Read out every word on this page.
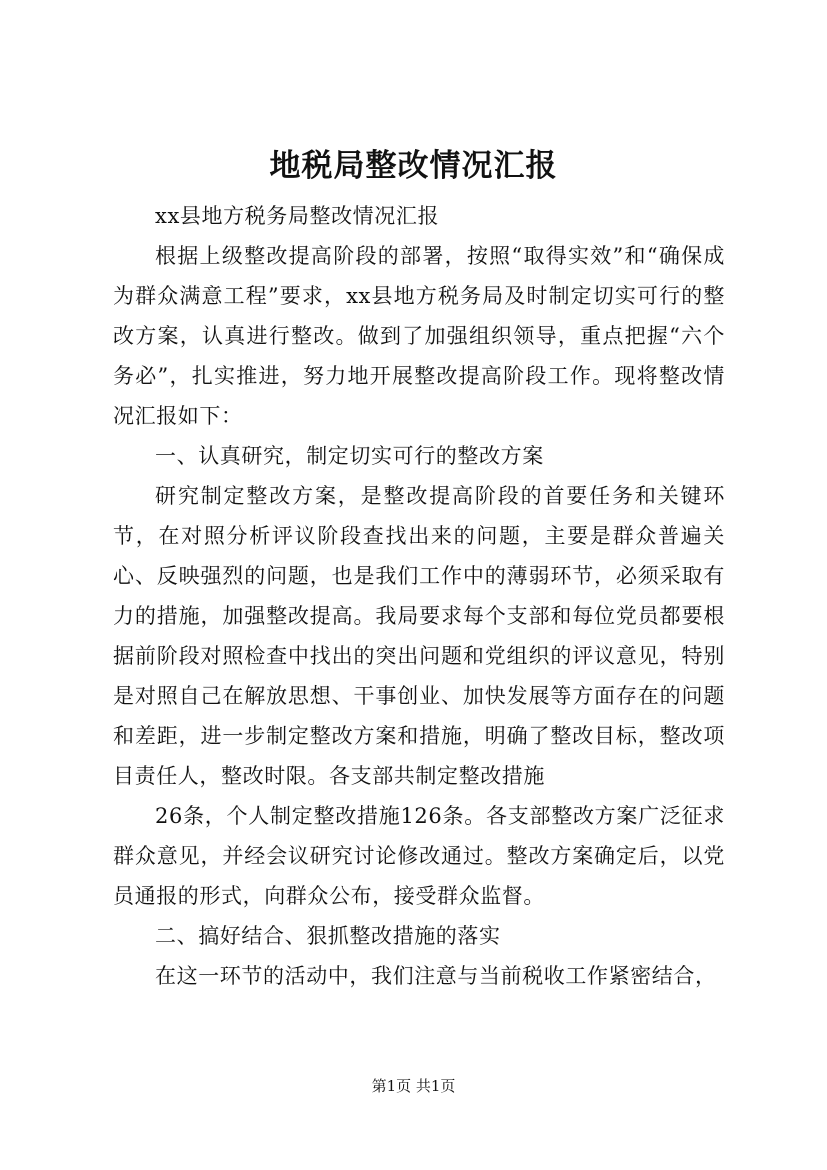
地税局整改情况汇报

xx县地方税务局整改情况汇报

根据上级整改提高阶段的部署，按照“取得实效”和“确保成为群众满意工程”要求，xx县地方税务局及时制定切实可行的整改方案，认真进行整改。做到了加强组织领导，重点把握“六个务必”，扎实推进，努力地开展整改提高阶段工作。现将整改情况汇报如下：

一、认真研究，制定切实可行的整改方案

研究制定整改方案，是整改提高阶段的首要任务和关键环节，在对照分析评议阶段查找出来的问题，主要是群众普遍关心、反映强烈的问题，也是我们工作中的薄弱环节，必须采取有力的措施，加强整改提高。我局要求每个支部和每位党员都要根据前阶段对照检查中找出的突出问题和党组织的评议意见，特别是对照自己在解放思想、干事创业、加快发展等方面存在的问题和差距，进一步制定整改方案和措施，明确了整改目标，整改项目责任人，整改时限。各支部共制定整改措施

26条，个人制定整改措施126条。各支部整改方案广泛征求群众意见，并经会议研究讨论修改通过。整改方案确定后，以党员通报的形式，向群众公布，接受群众监督。

二、搞好结合、狠抓整改措施的落实

在这一环节的活动中，我们注意与当前税收工作紧密结合，

第1页 共1页
